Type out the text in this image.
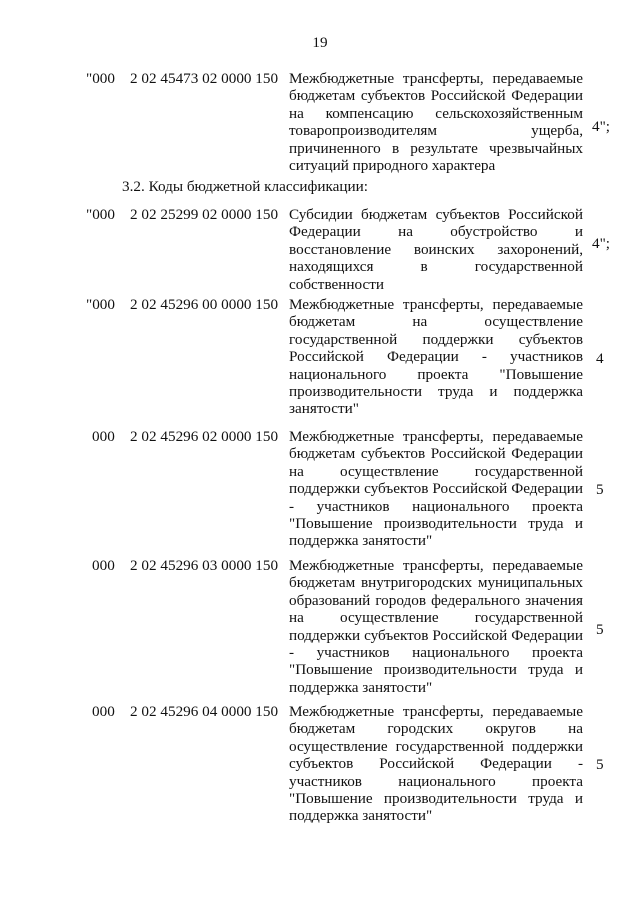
19
"000 2 02 45473 02 0000 150 Межбюджетные трансферты, передаваемые бюджетам субъектов Российской Федерации на компенсацию сельскохозяйственным товаропроизводителям ущерба, причиненного в результате чрезвычайных ситуаций природного характера
4";
3.2. Коды бюджетной классификации:
"000 2 02 25299 02 0000 150 Субсидии бюджетам субъектов Российской Федерации на обустройство и восстановление воинских захоронений, находящихся в государственной собственности
4";
"000 2 02 45296 00 0000 150 Межбюджетные трансферты, передаваемые бюджетам на осуществление государственной поддержки субъектов Российской Федерации - участников национального проекта "Повышение производительности труда и поддержка занятости"
4
000 2 02 45296 02 0000 150 Межбюджетные трансферты, передаваемые бюджетам субъектов Российской Федерации на осуществление государственной поддержки субъектов Российской Федерации - участников национального проекта "Повышение производительности труда и поддержка занятости"
5
000 2 02 45296 03 0000 150 Межбюджетные трансферты, передаваемые бюджетам внутригородских муниципальных образований городов федерального значения на осуществление государственной поддержки субъектов Российской Федерации - участников национального проекта "Повышение производительности труда и поддержка занятости"
5
000 2 02 45296 04 0000 150 Межбюджетные трансферты, передаваемые бюджетам городских округов на осуществление государственной поддержки субъектов Российской Федерации - участников национального проекта "Повышение производительности труда и поддержка занятости"
5
